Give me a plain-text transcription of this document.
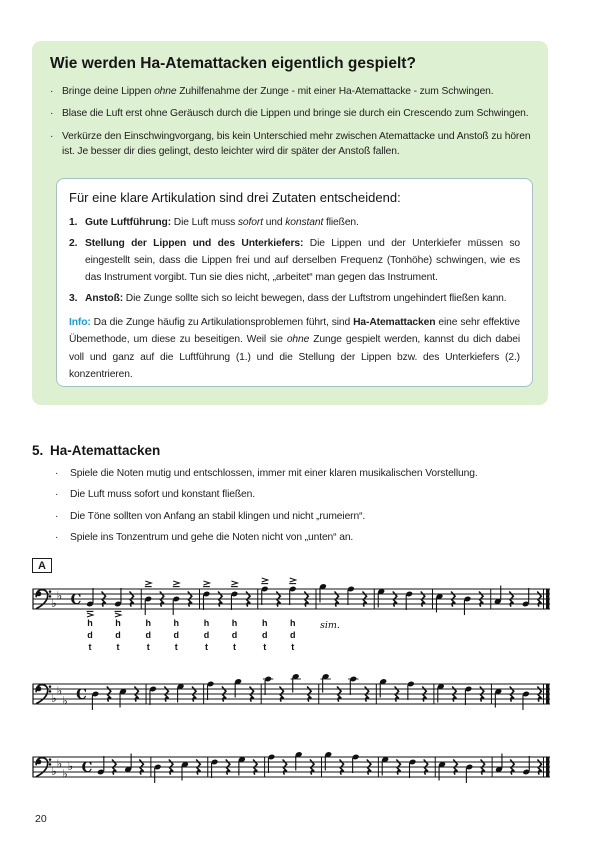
Wie werden Ha-Atemattacken eigentlich gespielt?
· Bringe deine Lippen ohne Zuhilfenahme der Zunge - mit einer Ha-Atemattacke - zum Schwingen.
· Blase die Luft erst ohne Geräusch durch die Lippen und bringe sie durch ein Crescendo zum Schwingen.
· Verkürze den Einschwingvorgang, bis kein Unterschied mehr zwischen Atemattacke und Anstoß zu hören ist. Je besser dir dies gelingt, desto leichter wird dir später der Anstoß fallen.
Für eine klare Artikulation sind drei Zutaten entscheidend:
1. Gute Luftführung: Die Luft muss sofort und konstant fließen.
2. Stellung der Lippen und des Unterkiefers: Die Lippen und der Unterkiefer müssen so eingestellt sein, dass die Lippen frei und auf derselben Frequenz (Tonhöhe) schwingen, wie es das Instrument vorgibt. Tun sie dies nicht, „arbeitet“ man gegen das Instrument.
3. Anstoß: Die Zunge sollte sich so leicht bewegen, dass der Luftstrom ungehindert fließen kann.
Info: Da die Zunge häufig zu Artikulationsproblemen führt, sind Ha-Atemattacken eine sehr effektive Übemethode, um diese zu beseitigen. Weil sie ohne Zunge gespielt werden, kannst du dich dabei voll und ganz auf die Luftführung (1.) und die Stellung der Lippen bzw. des Unterkiefers (2.) konzentrieren.
5. Ha-Atemattacken
·	Spiele die Noten mutig und entschlossen, immer mit einer klaren musikalischen Vorstellung.
·	Die Luft muss sofort und konstant fließen.
·	Die Töne sollten von Anfang an stabil klingen und nicht „rumeiern“.
·	Spiele ins Tonzentrum und gehe die Noten nicht von „unten“ an.
A
♭
♭ C
h
d
t
h
d
t
h
d
t
h
d
t
h
d
t
h
d
t
h
d
t
h
d
t
sim.
♭
♭
♭ C
♭
♭
♭
♭ C
20
